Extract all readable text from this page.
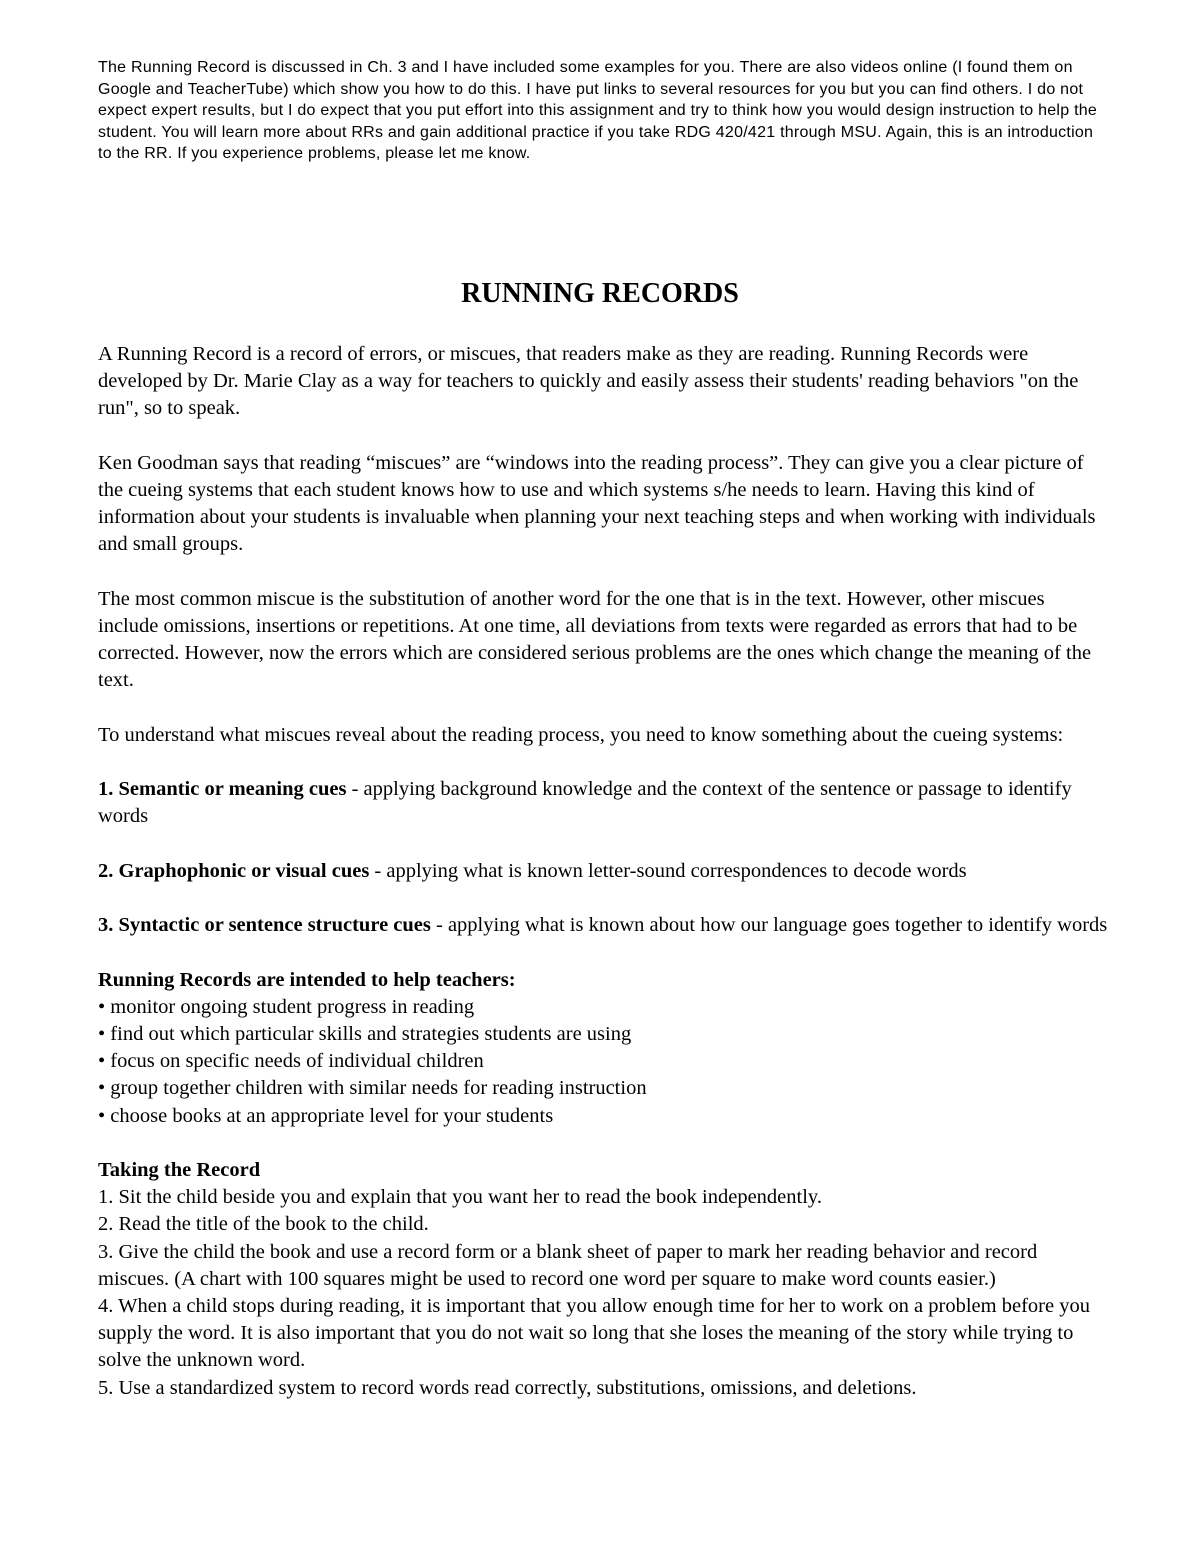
The Running Record is discussed in Ch. 3 and I have included some examples for you. There are also videos online (I found them on Google and TeacherTube) which show you how to do this. I have put links to several resources for you but you can find others. I do not expect expert results, but I do expect that you put effort into this assignment and try to think how you would design instruction to help the student. You will learn more about RRs and gain additional practice if you take RDG 420/421 through MSU. Again, this is an introduction to the RR. If you experience problems, please let me know.

RUNNING RECORDS

A Running Record is a record of errors, or miscues, that readers make as they are reading. Running Records were developed by Dr. Marie Clay as a way for teachers to quickly and easily assess their students' reading behaviors "on the run", so to speak.

Ken Goodman says that reading “miscues” are “windows into the reading process”. They can give you a clear picture of the cueing systems that each student knows how to use and which systems s/he needs to learn. Having this kind of information about your students is invaluable when planning your next teaching steps and when working with individuals and small groups.

The most common miscue is the substitution of another word for the one that is in the text. However, other miscues include omissions, insertions or repetitions. At one time, all deviations from texts were regarded as errors that had to be corrected. However, now the errors which are considered serious problems are the ones which change the meaning of the text.

To understand what miscues reveal about the reading process, you need to know something about the cueing systems:

1. Semantic or meaning cues - applying background knowledge and the context of the sentence or passage to identify words

2. Graphophonic or visual cues - applying what is known letter-sound correspondences to decode words

3. Syntactic or sentence structure cues - applying what is known about how our language goes together to identify words

Running Records are intended to help teachers:
• monitor ongoing student progress in reading
• find out which particular skills and strategies students are using
• focus on specific needs of individual children
• group together children with similar needs for reading instruction
• choose books at an appropriate level for your students
Taking the Record
1. Sit the child beside you and explain that you want her to read the book independently.
2. Read the title of the book to the child.
3. Give the child the book and use a record form or a blank sheet of paper to mark her reading behavior and record miscues. (A chart with 100 squares might be used to record one word per square to make word counts easier.)
4. When a child stops during reading, it is important that you allow enough time for her to work on a problem before you supply the word. It is also important that you do not wait so long that she loses the meaning of the story while trying to solve the unknown word.
5. Use a standardized system to record words read correctly, substitutions, omissions, and deletions.
